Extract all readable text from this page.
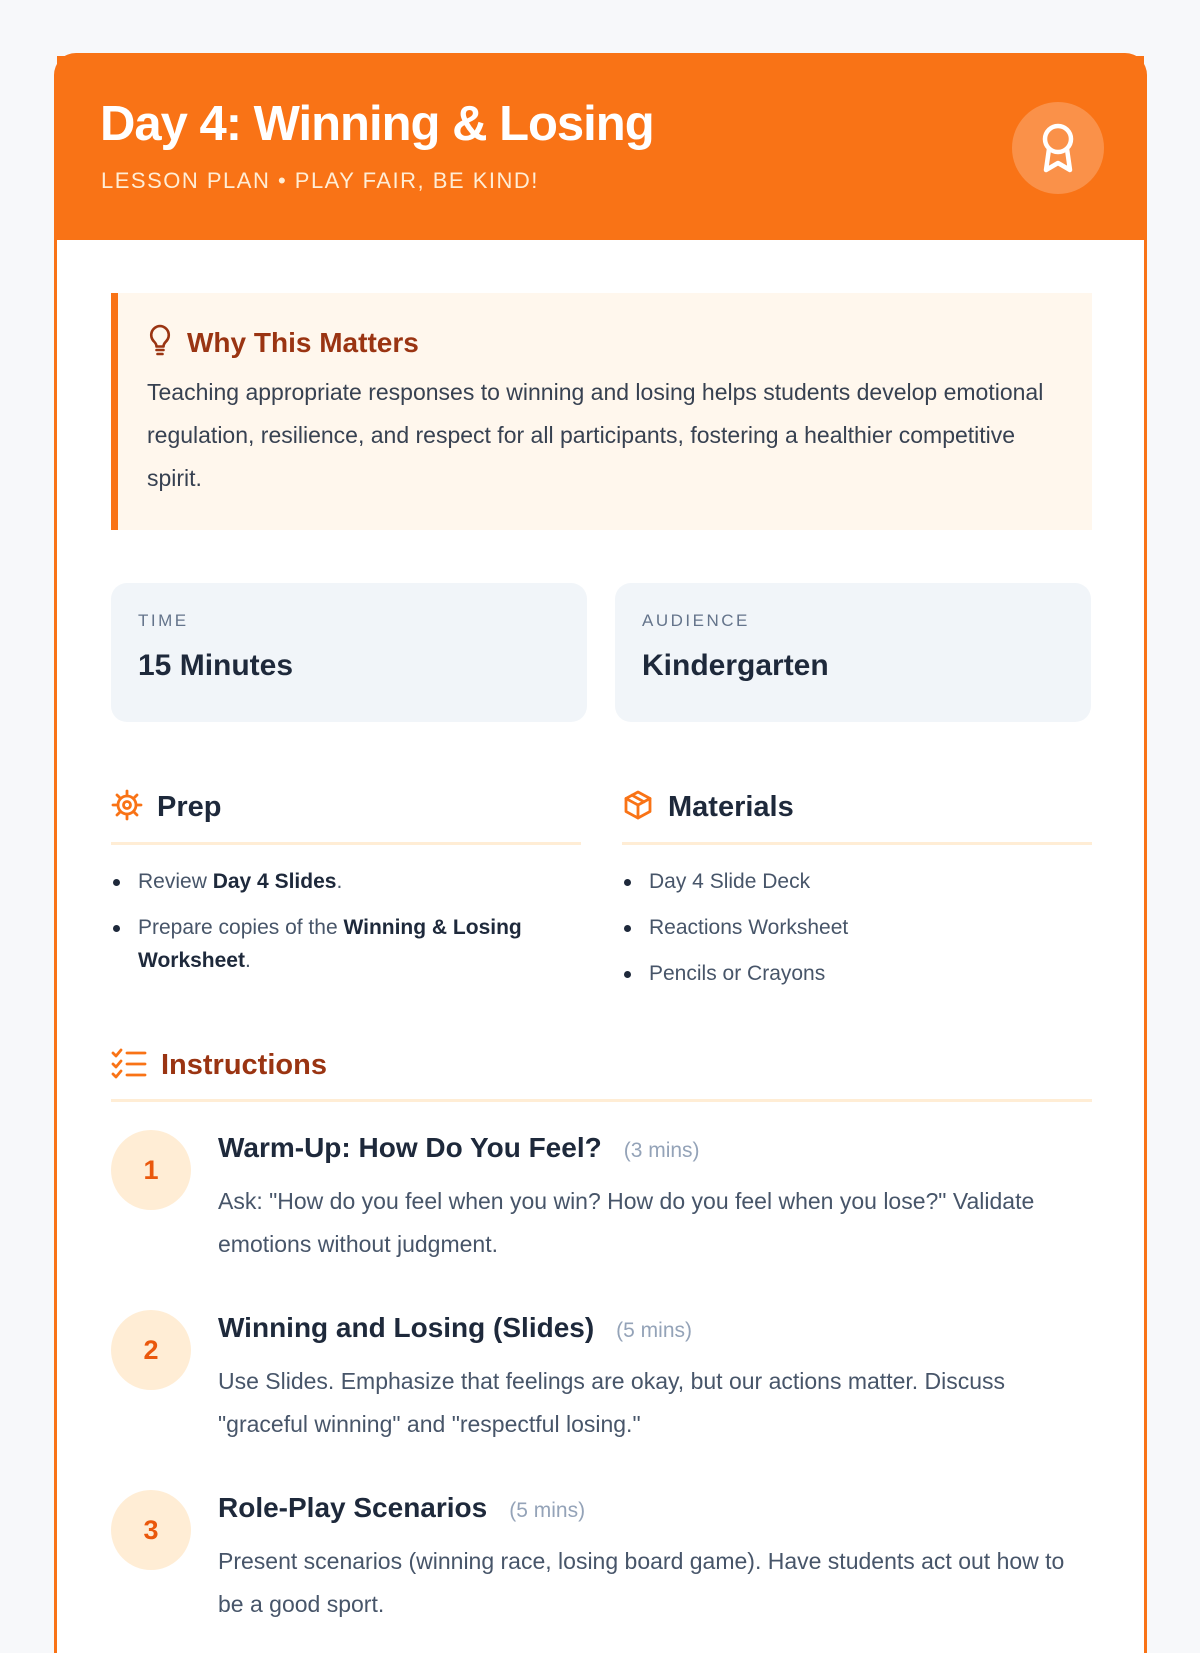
Day 4: Winning & Losing
LESSON PLAN • PLAY FAIR, BE KIND!
Why This Matters
Teaching appropriate responses to winning and losing helps students develop emotional regulation, resilience, and respect for all participants, fostering a healthier competitive spirit.
TIME
15 Minutes
AUDIENCE
Kindergarten
Prep
Review Day 4 Slides.
Prepare copies of the Winning & Losing Worksheet.
Materials
Day 4 Slide Deck
Reactions Worksheet
Pencils or Crayons
Instructions
1
Warm-Up: How Do You Feel? (3 mins)
Ask: "How do you feel when you win? How do you feel when you lose?" Validate emotions without judgment.
2
Winning and Losing (Slides) (5 mins)
Use Slides. Emphasize that feelings are okay, but our actions matter. Discuss "graceful winning" and "respectful losing."
3
Role-Play Scenarios (5 mins)
Present scenarios (winning race, losing board game). Have students act out how to be a good sport.
